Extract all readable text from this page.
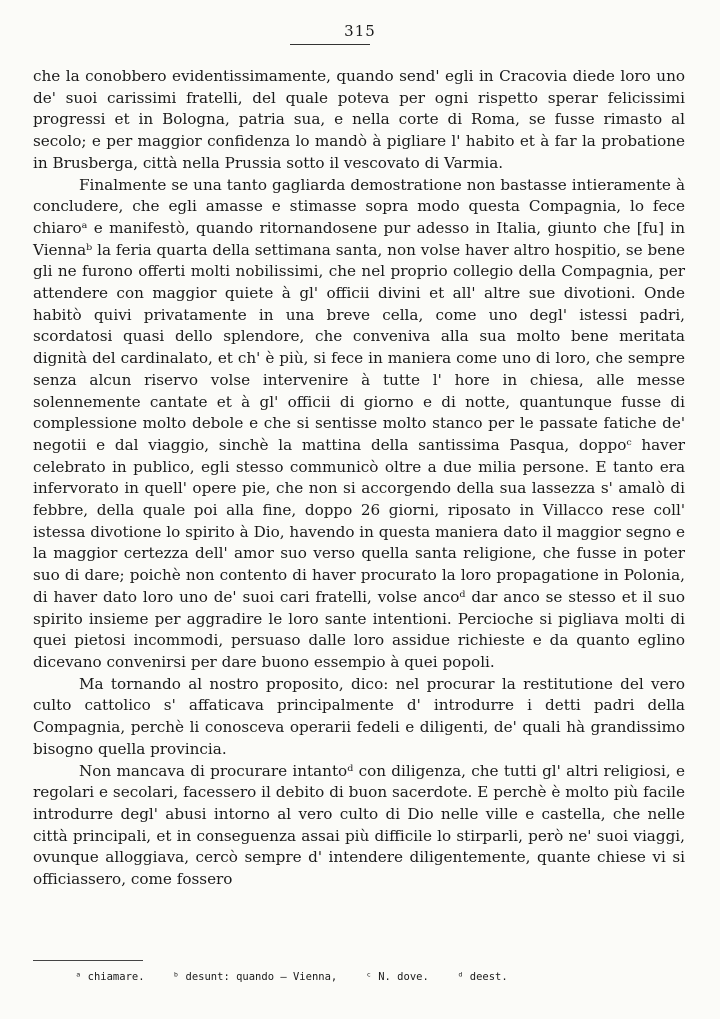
315

che la conobbero evidentissimamente, quando send' egli in Cracovia diede loro uno de' suoi carissimi fratelli, del quale poteva per ogni rispetto sperar felicissimi progressi et in Bologna, patria sua, e nella corte di Roma, se fusse rimasto al secolo; e per maggior confidenza lo mandò à pigliare l' habito et à far la probatione in Brusberga, città nella Prussia sotto il vescovato di Varmia.

Finalmente se una tanto gagliarda demostratione non bastasse intieramente à concludere, che egli amasse e stimasse sopra modo questa Compagnia, lo fece chiaroᵃ e manifestò, quando ritornandosene pur adesso in Italia, giunto che [fu] in Viennaᵇ la feria quarta della settimana santa, non volse haver altro hospitio, se bene gli ne furono offerti molti nobilissimi, che nel proprio collegio della Compagnia, per attendere con maggior quiete à gl' officii divini et all' altre sue divotioni. Onde habitò quivi privatamente in una breve cella, come uno degl' istessi padri, scordatosi quasi dello splendore, che conveniva alla sua molto bene meritata dignità del cardinalato, et ch' è più, si fece in maniera come uno di loro, che sempre senza alcun riservo volse intervenire à tutte l' hore in chiesa, alle messe solennemente cantate et à gl' officii di giorno e di notte, quantunque fusse di complessione molto debole e che si sentisse molto stanco per le passate fatiche de' negotii e dal viaggio, sinchè la mattina della santissima Pasqua, doppoᶜ haver celebrato in publico, egli stesso communicò oltre a due milia persone. E tanto era infervorato in quell' opere pie, che non si accorgendo della sua lassezza s' amalò di febbre, della quale poi alla fine, doppo 26 giorni, riposato in Villacco rese coll' istessa divotione lo spirito à Dio, havendo in questa maniera dato il maggior segno e la maggior certezza dell' amor suo verso quella santa religione, che fusse in poter suo di dare; poichè non contento di haver procurato la loro propagatione in Polonia, di haver dato loro uno de' suoi cari fratelli, volse ancoᵈ dar anco se stesso et il suo spirito insieme per aggradire le loro sante intentioni. Percioche si pigliava molti di quei pietosi incommodi, persuaso dalle loro assidue richieste e da quanto eglino dicevano convenirsi per dare buono essempio à quei popoli.

Ma tornando al nostro proposito, dico: nel procurar la restitutione del vero culto cattolico s' affaticava principalmente d' introdurre i detti padri della Compagnia, perchè li conosceva operarii fedeli e diligenti, de' quali hà grandissimo bisogno quella provincia.

Non mancava di procurare intantoᵈ con diligenza, che tutti gl' altri religiosi, e regolari e secolari, facessero il debito di buon sacerdote. E perchè è molto più facile introdurre degl' abusi intorno al vero culto di Dio nelle ville e castella, che nelle città principali, et in conseguenza assai più difficile lo stirparli, però ne' suoi viaggi, ovunque alloggiava, cercò sempre d' intendere diligentemente, quante chiese vi si officiassero, come fossero

ᵃ chiamare.	ᵇ desunt: quando — Vienna,	ᶜ N. dove.	ᵈ deest.
